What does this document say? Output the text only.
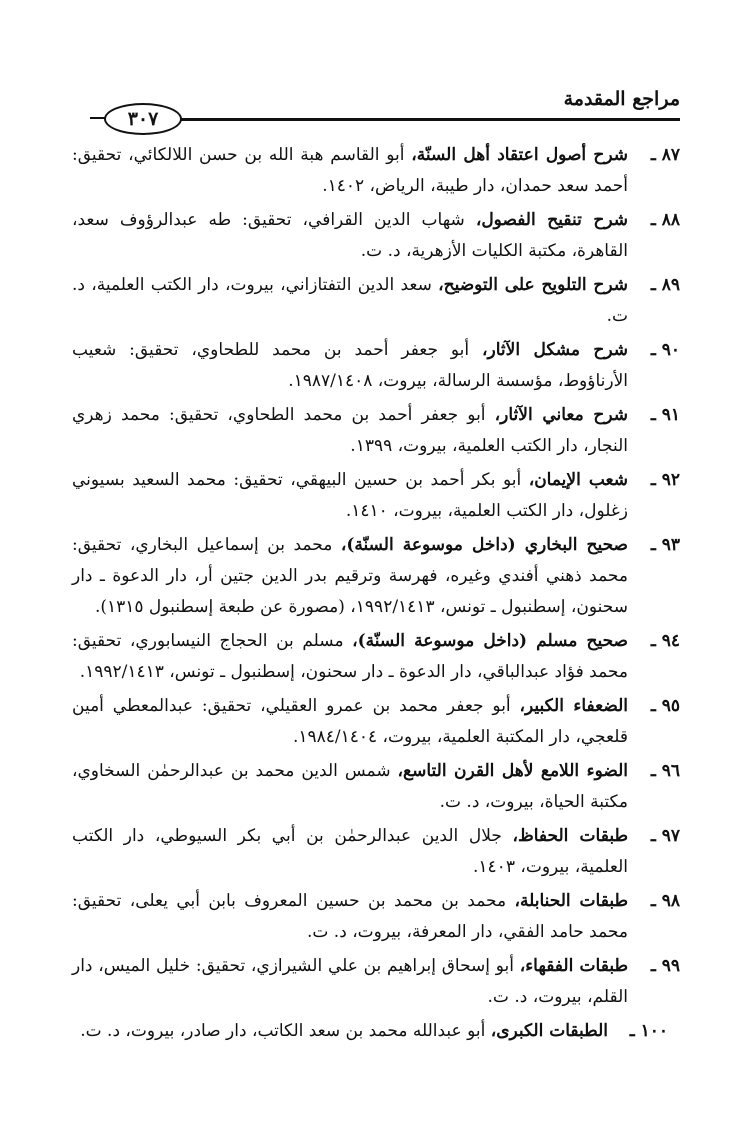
مراجع المقدمة
٣٠٧
٨٧ ـ
شرح أصول اعتقاد أهل السنّة، أبو القاسم هبة الله بن حسن اللالكائي، تحقيق: أحمد سعد حمدان، دار طيبة، الرياض، ١٤٠٢.
٨٨ ـ
شرح تنقيح الفصول، شهاب الدين القرافي، تحقيق: طه عبدالرؤوف سعد، القاهرة، مكتبة الكليات الأزهرية، د. ت.
٨٩ ـ
شرح التلويح على التوضيح، سعد الدين التفتازاني، بيروت، دار الكتب العلمية، د. ت.
٩٠ ـ
شرح مشكل الآثار، أبو جعفر أحمد بن محمد للطحاوي، تحقيق: شعيب الأرناؤوط، مؤسسة الرسالة، بيروت، ١٩٨٧/١٤٠٨.
٩١ ـ
شرح معاني الآثار، أبو جعفر أحمد بن محمد الطحاوي، تحقيق: محمد زهري النجار، دار الكتب العلمية، بيروت، ١٣٩٩.
٩٢ ـ
شعب الإيمان، أبو بكر أحمد بن حسين البيهقي، تحقيق: محمد السعيد بسيوني زغلول، دار الكتب العلمية، بيروت، ١٤١٠.
٩٣ ـ
صحيح البخاري (داخل موسوعة السنّة)، محمد بن إسماعيل البخاري، تحقيق: محمد ذهني أفندي وغيره، فهرسة وترقيم بدر الدين جتين أر، دار الدعوة ـ دار سحنون، إسطنبول ـ تونس، ١٩٩٢/١٤١٣، (مصورة عن طبعة إسطنبول ١٣١٥).
٩٤ ـ
صحيح مسلم (داخل موسوعة السنّة)، مسلم بن الحجاج النيسابوري، تحقيق: محمد فؤاد عبدالباقي، دار الدعوة ـ دار سحنون، إسطنبول ـ تونس، ١٩٩٢/١٤١٣.
٩٥ ـ
الضعفاء الكبير، أبو جعفر محمد بن عمرو العقيلي، تحقيق: عبدالمعطي أمين قلعجي، دار المكتبة العلمية، بيروت، ١٩٨٤/١٤٠٤.
٩٦ ـ
الضوء اللامع لأهل القرن التاسع، شمس الدين محمد بن عبدالرحمٰن السخاوي، مكتبة الحياة، بيروت، د. ت.
٩٧ ـ
طبقات الحفاظ، جلال الدين عبدالرحمٰن بن أبي بكر السيوطي، دار الكتب العلمية، بيروت، ١٤٠٣.
٩٨ ـ
طبقات الحنابلة، محمد بن محمد بن حسين المعروف بابن أبي يعلى، تحقيق: محمد حامد الفقي، دار المعرفة، بيروت، د. ت.
٩٩ ـ
طبقات الفقهاء، أبو إسحاق إبراهيم بن علي الشيرازي، تحقيق: خليل الميس، دار القلم، بيروت، د. ت.
١٠٠ ـ
الطبقات الكبرى، أبو عبدالله محمد بن سعد الكاتب، دار صادر، بيروت، د. ت.
